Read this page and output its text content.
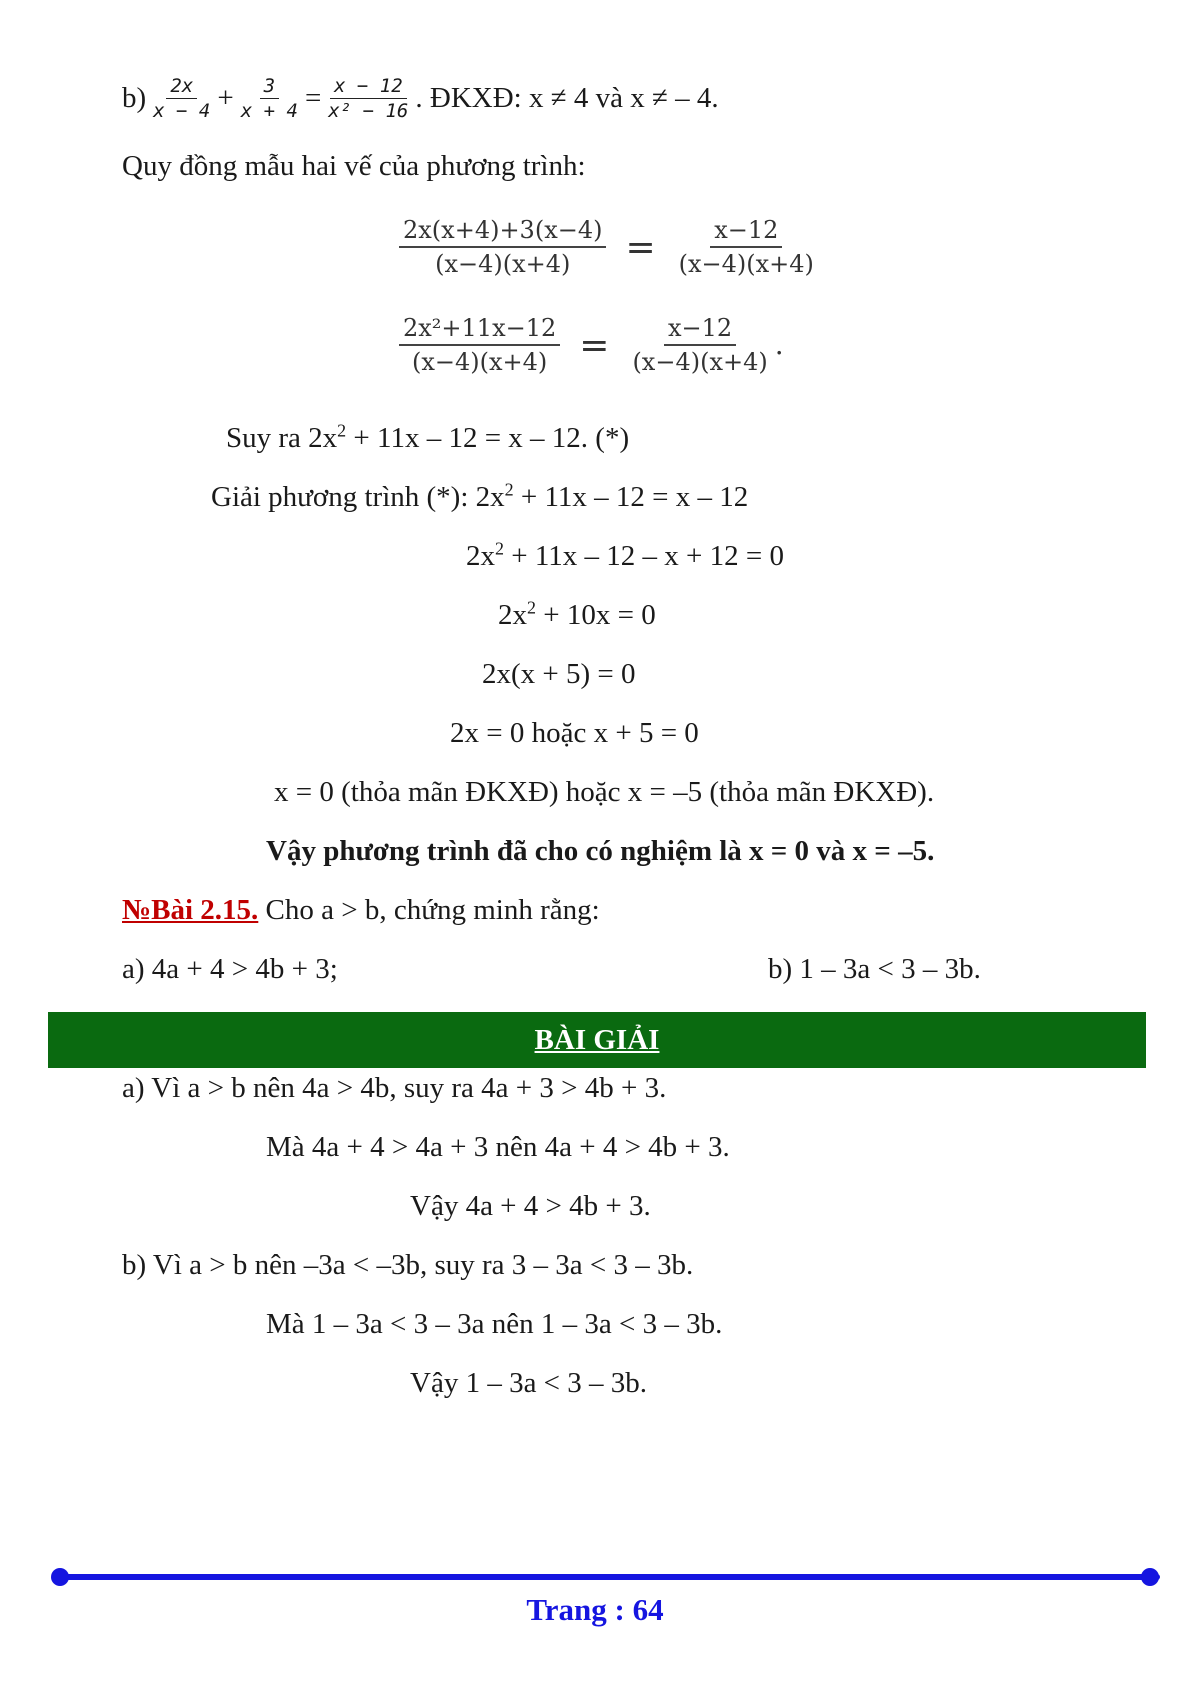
$b) \frac{2x}{x - 4} + \frac{3}{x + 4} = \frac{x - 12}{\text{x² − 16}}$ . ĐKXĐ: x ≠ 4 và x ≠ – 4.
Quy đồng mẫu hai vế của phương trình:
$\frac{2x(x+4)+3(x-4)}{(x-4)(x+4)} = \frac{x-12}{(x-4)(x+4)}$
$\frac{\text{2x²+11x−12}}{(x-4)(x+4)} = \frac{x-12}{(x-4)(x+4)}$ .
Suy ra $2x^2 + 11x - 12 = x - 12$. (*)
Giải phương trình (*): $2x^2 + 11x - 12 = x - 12$
$2x^2 + 11x - 12 - x + 12 = 0$
$2x^2 + 10x = 0$
2x(x + 5) = 0
2x = 0 hoặc x + 5 = 0
x = 0 (thỏa mãn ĐKXĐ) hoặc x = –5 (thỏa mãn ĐKXĐ).
Vậy phương trình đã cho có nghiệm là x = 0 và x = –5.
№Bài 2.15. Cho a > b, chứng minh rằng:
a) 4a + 4 > 4b + 3;	b) 1 – 3a < 3 – 3b.
BÀI GIẢI
a) Vì a > b nên 4a > 4b, suy ra 4a + 3 > 4b + 3.
Mà 4a + 4 > 4a + 3 nên 4a + 4 > 4b + 3.
Vậy 4a + 4 > 4b + 3.
b) Vì a > b nên –3a < –3b, suy ra 3 – 3a < 3 – 3b.
Mà 1 – 3a < 3 – 3a nên 1 – 3a < 3 – 3b.
Vậy 1 – 3a < 3 – 3b.
Trang : 64
